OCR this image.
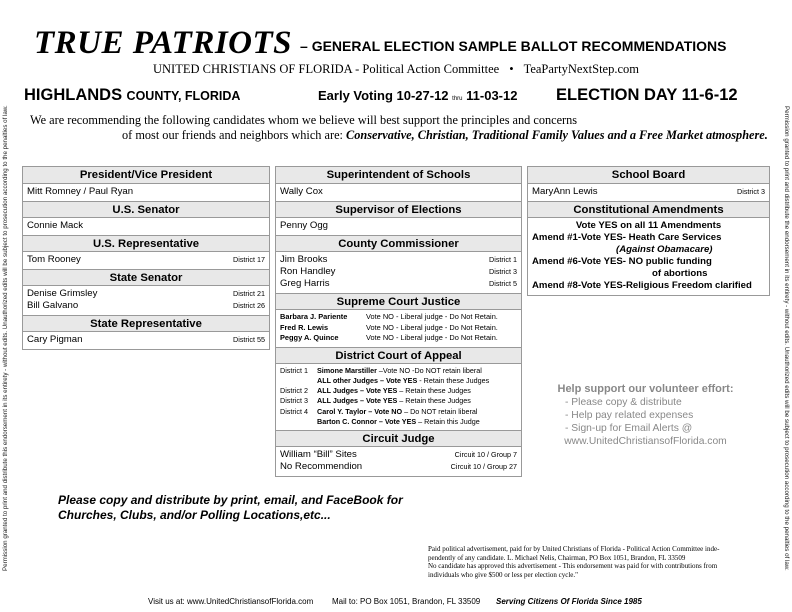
Permission granted to print and distribute this endorsement in its entirety - without edits. Unauthorized edits will be subject to prosecution according to the penalties of law.	Permission granted to print and distribute the endorsement in its entirety - without edits. Unauthorized edits will be subject to prosecution according to the penalties of law.
TRUE PATRIOTS – GENERAL ELECTION SAMPLE BALLOT RECOMMENDATIONS
UNITED CHRISTIANS OF FLORIDA - Political Action Committee • TeaPartyNextStep.com
HIGHLANDS COUNTY, FLORIDA	Early Voting 10-27-12 thru 11-03-12 ELECTION DAY 11-6-12
We are recommending the following candidates whom we believe will best support the principles and concerns
of most our friends and neighbors which are: Conservative, Christian, Traditional Family Values and a Free Market atmosphere.
President/Vice President
Mitt Romney / Paul Ryan
U.S. Senator
Connie Mack
U.S. Representative
Tom Rooney	District 17
State Senator
Denise Grimsley	District 21
Bill Galvano	District 26
State Representative
Cary Pigman	District 55
Superintendent of Schools
Wally Cox
Supervisor of Elections
Penny Ogg
County Commissioner
Jim Brooks	District 1
Ron Handley	District 3
Greg Harris	District 5
Supreme Court Justice
Barbara J. Pariente	Vote NO - Liberal judge - Do Not Retain.
Fred R. Lewis	Vote NO - Liberal judge - Do Not Retain.
Peggy A. Quince	Vote NO - Liberal judge - Do Not Retain.
District Court of Appeal
District 1	Simone Marstiller –Vote NO -Do NOT retain liberal
ALL other Judges – Vote YES - Retain these Judges
District 2	ALL Judges – Vote YES – Retain these Judges
District 3	ALL Judges – Vote YES – Retain these Judges
District 4	Carol Y. Taylor – Vote NO – Do NOT retain liberal
Barton C. Connor – Vote YES – Retain this Judge
Circuit Judge
William “Bill” Sites	Circuit 10 / Group 7
No Recommendion	Circuit 10 / Group 27
School Board
MaryAnn Lewis	District 3
Constitutional Amendments
Vote YES on all 11 Amendments
Amend #1-Vote YES- Heath Care Services
(Against Obamacare)
Amend #6-Vote YES- NO public funding
of abortions
Amend #8-Vote YES-Religious Freedom clarified
Help support our volunteer effort:
- Please copy & distribute
- Help pay related expenses
- Sign-up for Email Alerts @
www.UnitedChristiansofFlorida.com
Please copy and distribute by print, email, and FaceBook for
Churches, Clubs, and/or Polling Locations,etc...
Paid political advertisement, paid for by United Christians of Florida - Political Action Committee inde-
pendently of any candidate. L. Michael Nelis, Chairman, PO Box 1051, Brandon, FL 33509
No candidate has approved this advertisement - This endorsement was paid for with contributions from
individuals who give $500 or less per election cycle."
Visit us at: www.UnitedChristiansofFlorida.com Mail to: PO Box 1051, Brandon, FL 33509 Serving Citizens Of Florida Since 1985
